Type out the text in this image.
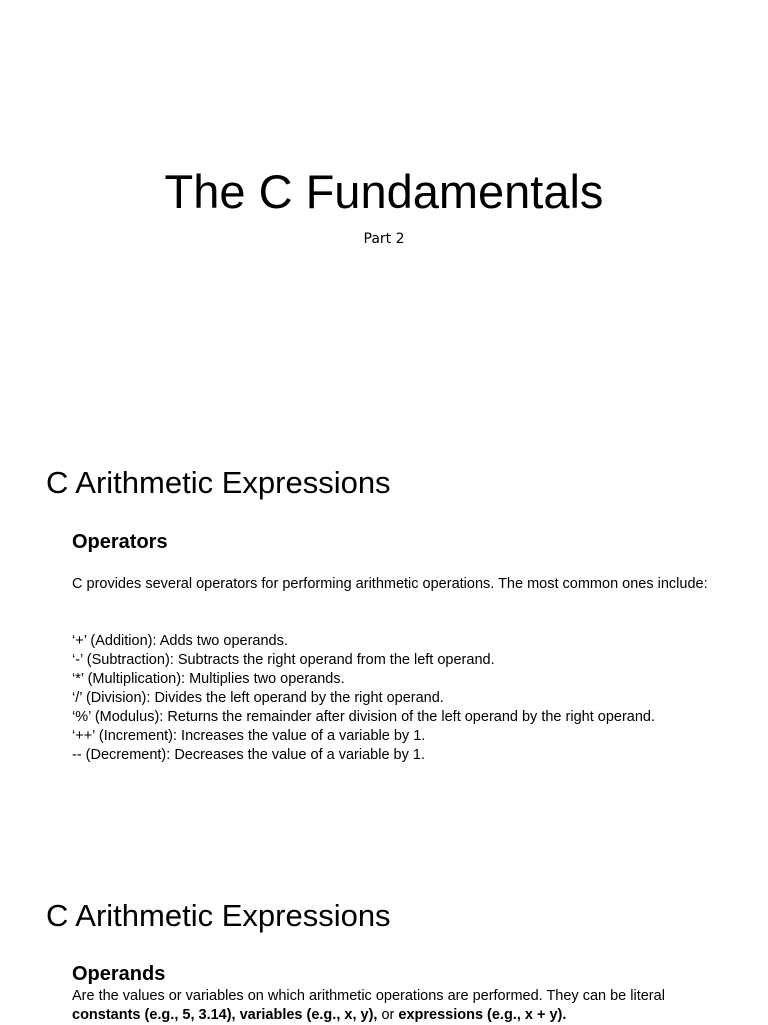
The C Fundamentals

Part 2

C Arithmetic Expressions
Operators

C provides several operators for performing arithmetic operations. The most common ones include:

‘+’ (Addition): Adds two operands.
‘-’ (Subtraction): Subtracts the right operand from the left operand.
‘*’ (Multiplication): Multiplies two operands.
‘/’ (Division): Divides the left operand by the right operand.
‘%’ (Modulus): Returns the remainder after division of the left operand by the right operand.
‘++’ (Increment): Increases the value of a variable by 1.
-- (Decrement): Decreases the value of a variable by 1.
C Arithmetic Expressions
Operands

Are the values or variables on which arithmetic operations are performed. They can be literal constants (e.g., 5, 3.14), variables (e.g., x, y), or expressions (e.g., x + y).
